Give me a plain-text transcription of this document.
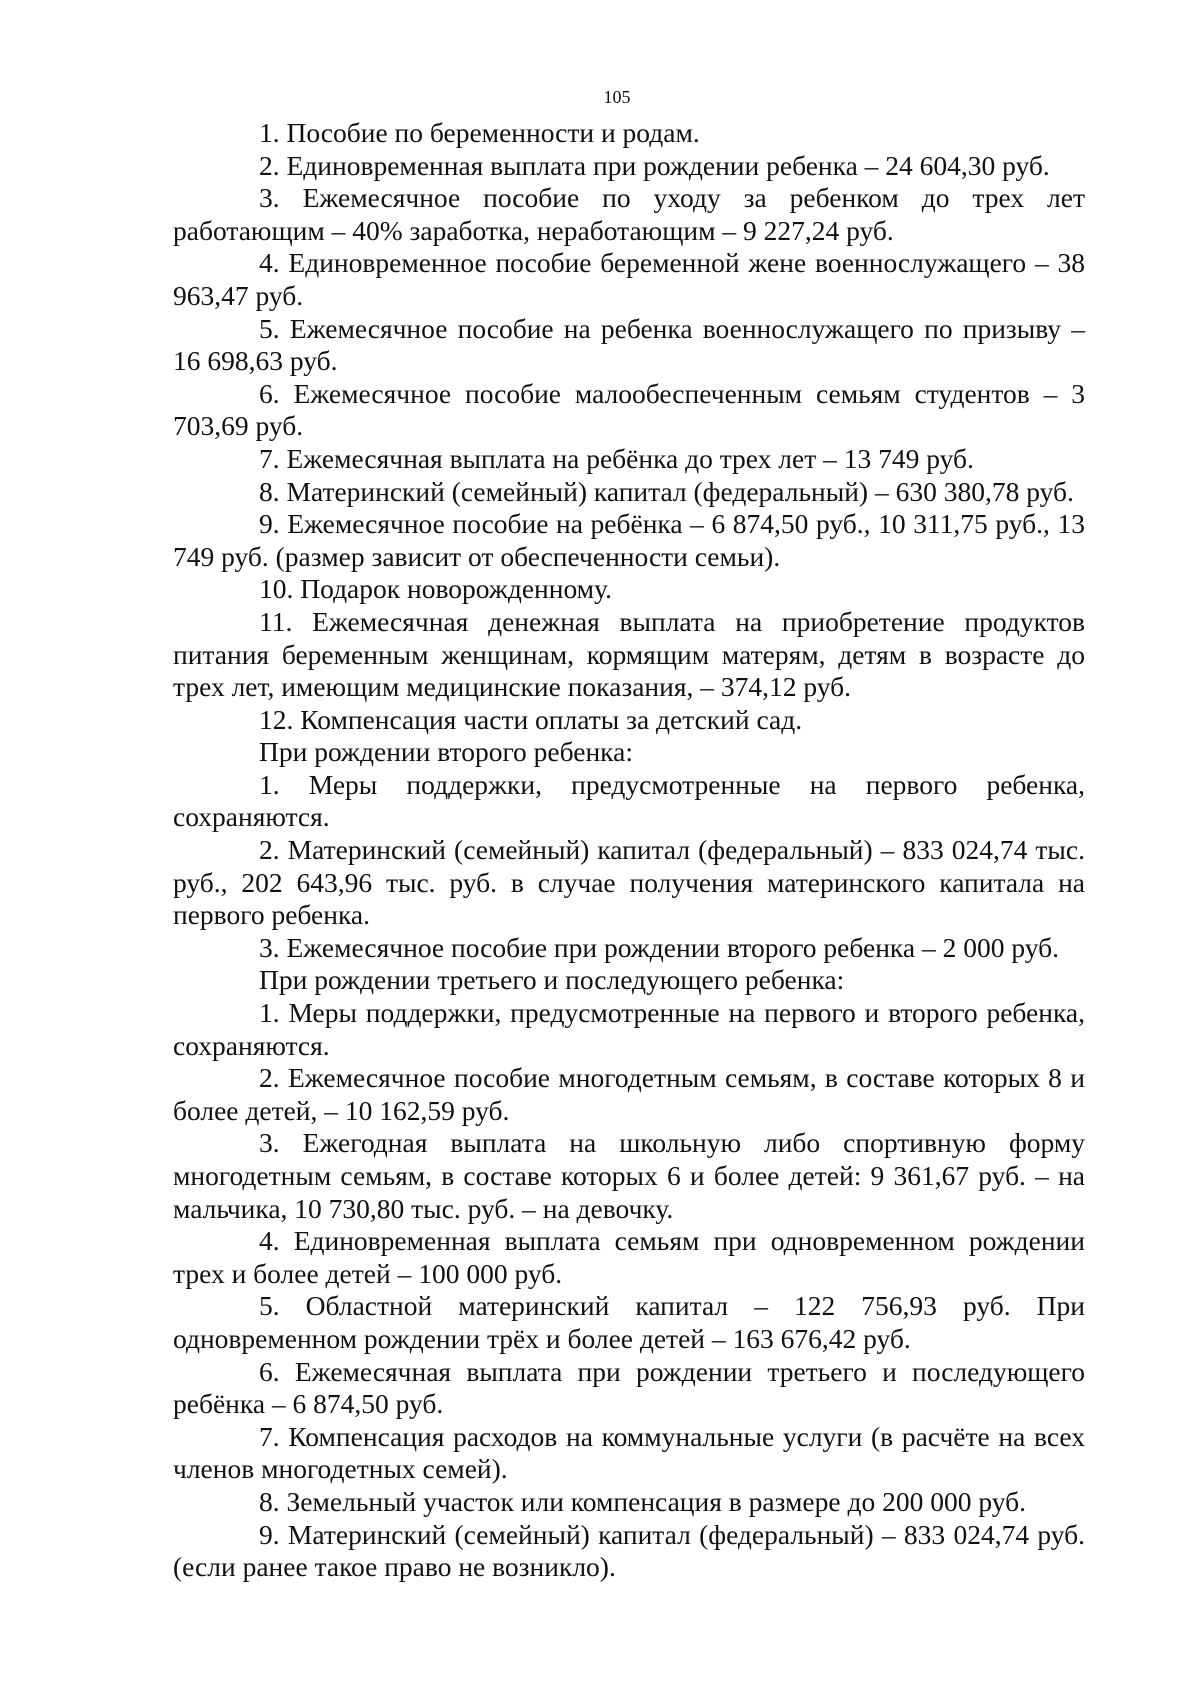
105

1. Пособие по беременности и родам.

2. Единовременная выплата при рождении ребенка – 24 604,30 руб.

3. Ежемесячное пособие по уходу за ребенком до трех лет работающим – 40% заработка, неработающим – 9 227,24 руб.

4. Единовременное пособие беременной жене военнослужащего – 38 963,47 руб.

5. Ежемесячное пособие на ребенка военнослужащего по призыву – 16 698,63 руб.

6. Ежемесячное пособие малообеспеченным семьям студентов – 3 703,69 руб.

7. Ежемесячная выплата на ребёнка до трех лет – 13 749 руб.

8. Материнский (семейный) капитал (федеральный) – 630 380,78 руб.

9. Ежемесячное пособие на ребёнка – 6 874,50 руб., 10 311,75 руб., 13 749 руб. (размер зависит от обеспеченности семьи).

10. Подарок новорожденному.

11. Ежемесячная денежная выплата на приобретение продуктов питания беременным женщинам, кормящим матерям, детям в возрасте до трех лет, имеющим медицинские показания, – 374,12 руб.

12. Компенсация части оплаты за детский сад.

При рождении второго ребенка:

1. Меры поддержки, предусмотренные на первого ребенка, сохраняются.

2. Материнский (семейный) капитал (федеральный) – 833 024,74 тыс. руб., 202 643,96 тыс. руб. в случае получения материнского капитала на первого ребенка.

3. Ежемесячное пособие при рождении второго ребенка – 2 000 руб.

При рождении третьего и последующего ребенка:

1. Меры поддержки, предусмотренные на первого и второго ребенка, сохраняются.

2. Ежемесячное пособие многодетным семьям, в составе которых 8 и более детей, – 10 162,59 руб.

3. Ежегодная выплата на школьную либо спортивную форму многодетным семьям, в составе которых 6 и более детей: 9 361,67 руб. – на мальчика, 10 730,80 тыс. руб. – на девочку.

4. Единовременная выплата семьям при одновременном рождении трех и более детей – 100 000 руб.

5. Областной материнский капитал – 122 756,93 руб. При одновременном рождении трёх и более детей – 163 676,42 руб.

6. Ежемесячная выплата при рождении третьего и последующего ребёнка – 6 874,50 руб.

7. Компенсация расходов на коммунальные услуги (в расчёте на всех членов многодетных семей).

8. Земельный участок или компенсация в размере до 200 000 руб.

9. Материнский (семейный) капитал (федеральный) – 833 024,74 руб. (если ранее такое право не возникло).
